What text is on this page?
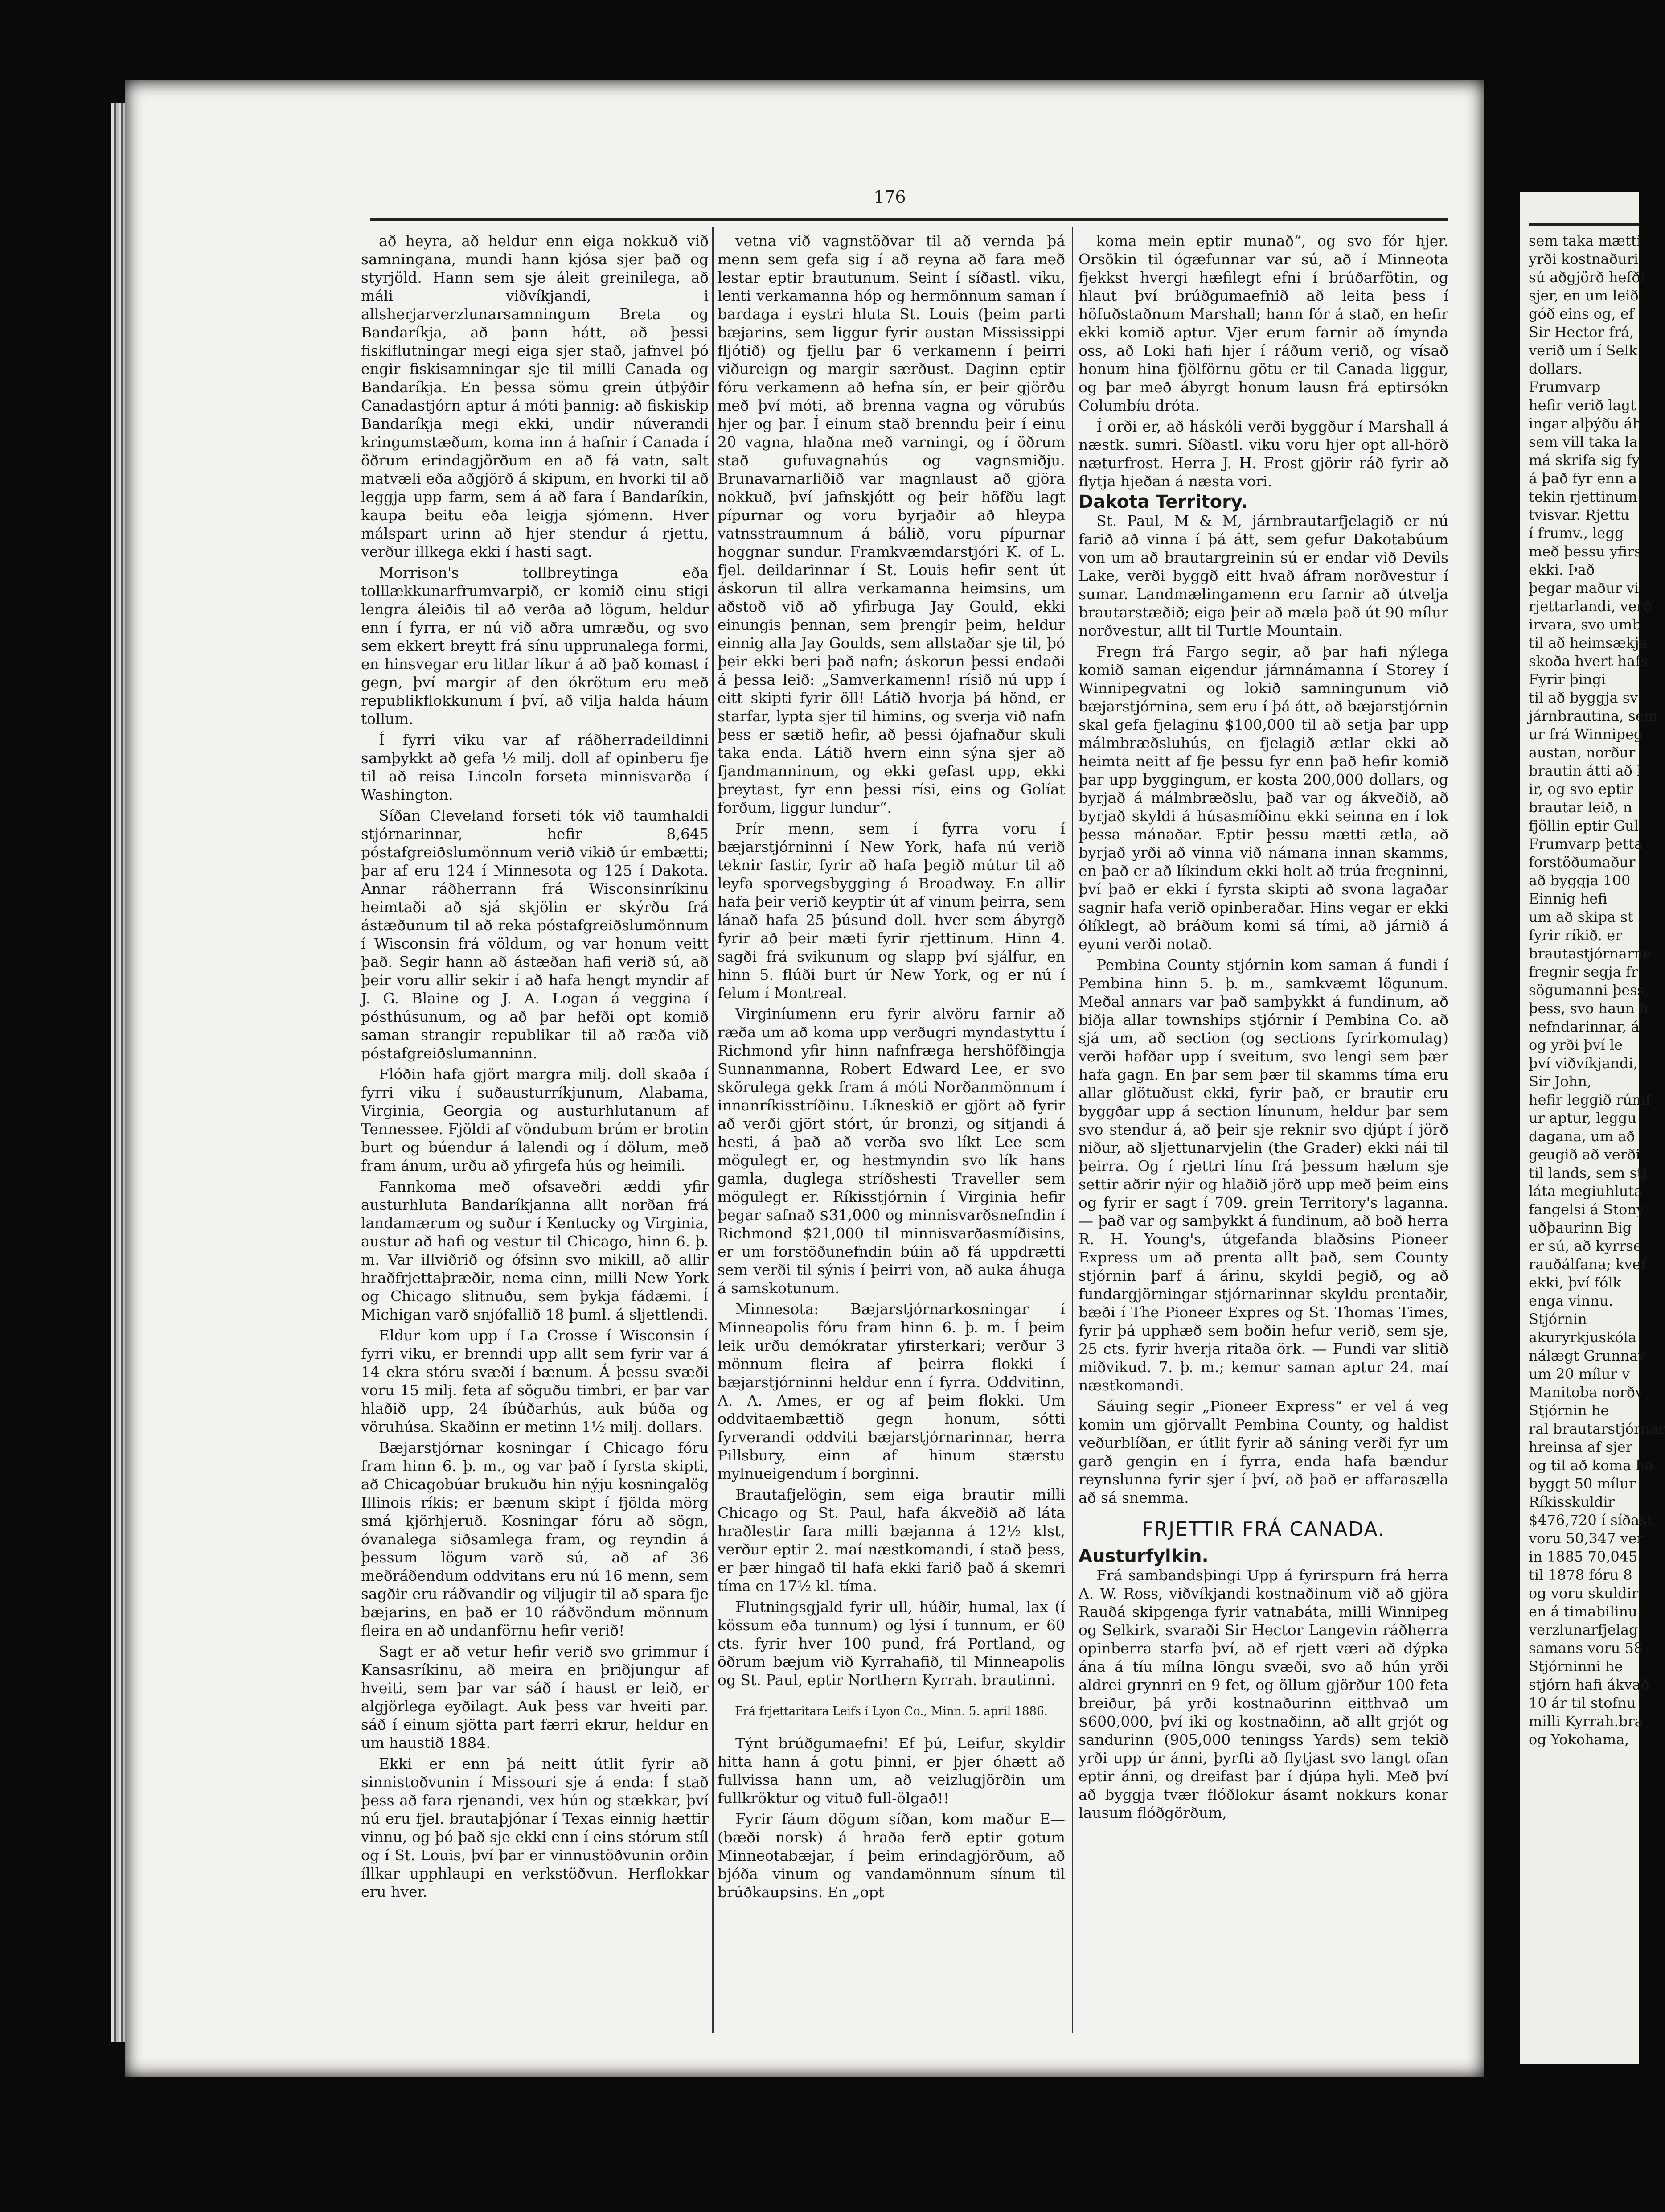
176

að heyra, að heldur enn eiga nokkuð við samningana, mundi hann kjósa sjer það og styrjöld. Hann sem sje áleit greinilega, að máli viðvíkjandi, i allsherjarverzlunarsamningum Breta og Bandaríkja, að þann hátt, að þessi fiskiflutningar megi eiga sjer stað, jafnvel þó engir fiskisamningar sje til milli Canada og Bandaríkja. En þessa sömu grein útþýðir Canadastjórn aptur á móti þannig: að fiskiskip Bandaríkja megi ekki, undir núverandi kringumstæðum, koma inn á hafnir í Canada í öðrum erindagjörðum en að fá vatn, salt matvæli eða aðgjörð á skipum, en hvorki til að leggja upp farm, sem á að fara í Bandaríkin, kaupa beitu eða leigja sjómenn. Hver málspart urinn að hjer stendur á rjettu, verður illkega ekki í hasti sagt.

Morrison's tollbreytinga eða tolllækkunarfrumvarpið, er komið einu stigi lengra áleiðis til að verða að lögum, heldur enn í fyrra, er nú við aðra umræðu, og svo sem ekkert breytt frá sínu upprunalega formi, en hinsvegar eru litlar líkur á að það komast í gegn, því margir af den ókrötum eru með republikflokkunum í því, að vilja halda háum tollum.

Í fyrri viku var af ráðherradeildinni samþykkt að gefa ½ milj. doll af opinberu fje til að reisa Lincoln forseta minnisvarða í Washington.

Síðan Cleveland forseti tók við taumhaldi stjórnarinnar, hefir 8,645 póstafgreiðslumönnum verið vikið úr embætti; þar af eru 124 í Minnesota og 125 í Dakota. Annar ráðherrann frá Wisconsinríkinu heimtaði að sjá skjölin er skýrðu frá ástæðunum til að reka póstafgreiðslumönnum í Wisconsin frá völdum, og var honum veitt það. Segir hann að ástæðan hafi verið sú, að þeir voru allir sekir í að hafa hengt myndir af J. G. Blaine og J. A. Logan á veggina í pósthúsunum, og að þar hefði opt komið saman strangir republikar til að ræða við póstafgreiðslumanninn.

Flóðin hafa gjört margra milj. doll skaða í fyrri viku í suðausturríkjunum, Alabama, Virginia, Georgia og austurhlutanum af Tennessee. Fjöldi af vöndubum brúm er brotin burt og búendur á lalendi og í dölum, með fram ánum, urðu að yfirgefa hús og heimili.

Fannkoma með ofsaveðri æddi yfir austurhluta Bandaríkjanna allt norðan frá landamærum og suður í Kentucky og Virginia, austur að hafi og vestur til Chicago, hinn 6. þ. m. Var illviðrið og ófsinn svo mikill, að allir hraðfrjettaþræðir, nema einn, milli New York og Chicago slitnuðu, sem þykja fádæmi. Í Michigan varð snjófallið 18 þuml. á sljettlendi.

Eldur kom upp í La Crosse í Wisconsin í fyrri viku, er brenndi upp allt sem fyrir var á 14 ekra stóru svæði í bænum. Á þessu svæði voru 15 milj. feta af söguðu timbri, er þar var hlaðið upp, 24 íbúðarhús, auk búða og vöruhúsa. Skaðinn er metinn 1½ milj. dollars.

Bæjarstjórnar kosningar í Chicago fóru fram hinn 6. þ. m., og var það í fyrsta skipti, að Chicagobúar brukuðu hin nýju kosningalög Illinois ríkis; er bænum skipt í fjölda mörg smá kjörhjeruð. Kosningar fóru að sögn, óvanalega siðsamlega fram, og reyndin á þessum lögum varð sú, að af 36 meðráðendum oddvitans eru nú 16 menn, sem sagðir eru ráðvandir og viljugir til að spara fje bæjarins, en það er 10 ráðvöndum mönnum fleira en að undanförnu hefir verið!

Sagt er að vetur hefir verið svo grimmur í Kansasríkinu, að meira en þriðjungur af hveiti, sem þar var sáð í haust er leið, er algjörlega eyðilagt. Auk þess var hveiti par. sáð í einum sjötta part færri ekrur, heldur en um haustið 1884.

Ekki er enn þá neitt útlit fyrir að sinnistoðvunin í Missouri sje á enda: Í stað þess að fara rjenandi, vex hún og stækkar, því nú eru fjel. brautaþjónar í Texas einnig hættir vinnu, og þó það sje ekki enn í eins stórum stíl og í St. Louis, því þar er vinnustöðvunin orðin íllkar upphlaupi en verkstöðvun. Herflokkar eru hver.

vetna við vagnstöðvar til að vernda þá menn sem gefa sig í að reyna að fara með lestar eptir brautunum. Seint í síðastl. viku, lenti verkamanna hóp og hermönnum saman í bardaga í eystri hluta St. Louis (þeim parti bæjarins, sem liggur fyrir austan Mississippi fljótið) og fjellu þar 6 verkamenn í þeirri viðureign og margir særðust. Daginn eptir fóru verkamenn að hefna sín, er þeir gjörðu með því móti, að brenna vagna og vörubús hjer og þar. Í einum stað brenndu þeir í einu 20 vagna, hlaðna með varningi, og í öðrum stað gufuvagnahús og vagnsmiðju. Brunavarnarliðið var magnlaust að gjöra nokkuð, því jafnskjótt og þeir höfðu lagt pípurnar og voru byrjaðir að hleypa vatnsstraumnum á bálið, voru pípurnar hoggnar sundur. Framkvæmdarstjóri K. of L. fjel. deildarinnar í St. Louis hefir sent út áskorun til allra verkamanna heimsins, um aðstoð við að yfirbuga Jay Gould, ekki einungis þennan, sem þrengir þeim, heldur einnig alla Jay Goulds, sem allstaðar sje til, þó þeir ekki beri það nafn; áskorun þessi endaði á þessa leið: „Samverkamenn! rísið nú upp í eitt skipti fyrir öll! Látið hvorja þá hönd, er starfar, lypta sjer til himins, og sverja við nafn þess er sætið hefir, að þessi ójafnaður skuli taka enda. Látið hvern einn sýna sjer að fjandmanninum, og ekki gefast upp, ekki þreytast, fyr enn þessi rísi, eins og Golíat forðum, liggur lundur“.

Þrír menn, sem í fyrra voru í bæjarstjórninni í New York, hafa nú verið teknir fastir, fyrir að hafa þegið mútur til að leyfa sporvegsbygging á Broadway. En allir hafa þeir verið keyptir út af vinum þeirra, sem lánað hafa 25 þúsund doll. hver sem ábyrgð fyrir að þeir mæti fyrir rjettinum. Hinn 4. sagði frá svikunum og slapp því sjálfur, en hinn 5. flúði burt úr New York, og er nú í felum í Montreal.

Virginíumenn eru fyrir alvöru farnir að ræða um að koma upp verðugri myndastyttu í Richmond yfir hinn nafnfræga hershöfðingja Sunnanmanna, Robert Edward Lee, er svo skörulega gekk fram á móti Norðanmönnum í innanríkisstríðinu. Líkneskið er gjört að fyrir að verði gjört stórt, úr bronzi, og sitjandi á hesti, á það að verða svo líkt Lee sem mögulegt er, og hestmyndin svo lík hans gamla, duglega stríðshesti Traveller sem mögulegt er. Ríkisstjórnin í Virginia hefir þegar safnað $31,000 og minnisvarðsnefndin í Richmond $21,000 til minnisvarðasmíðisins, er um forstöðunefndin búin að fá uppdrætti sem verði til sýnis í þeirri von, að auka áhuga á samskotunum.

Minnesota: Bæjarstjórnarkosningar í Minneapolis fóru fram hinn 6. þ. m. Í þeim leik urðu demókratar yfirsterkari; verður 3 mönnum fleira af þeirra flokki í bæjarstjórninni heldur enn í fyrra. Oddvitinn, A. A. Ames, er og af þeim flokki. Um oddvitaembættið gegn honum, sótti fyrverandi oddviti bæjarstjórnarinnar, herra Pillsbury, einn af hinum stærstu mylnueigendum í borginni.

Brautafjelögin, sem eiga brautir milli Chicago og St. Paul, hafa ákveðið að láta hraðlestir fara milli bæjanna á 12½ klst, verður eptir 2. maí næstkomandi, í stað þess, er þær hingað til hafa ekki farið það á skemri tíma en 17½ kl. tíma.

Flutningsgjald fyrir ull, húðir, humal, lax (í kössum eða tunnum) og lýsi í tunnum, er 60 cts. fyrir hver 100 pund, frá Portland, og öðrum bæjum við Kyrrahafið, til Minneapolis og St. Paul, eptir Northern Kyrrah. brautinni.

Frá frjettaritara Leifs í Lyon Co., Minn. 5. april 1886.

Týnt brúðgumaefni! Ef þú, Leifur, skyldir hitta hann á gotu þinni, er þjer óhætt að fullvissa hann um, að veizlugjörðin um fullkröktur og vituð full-ölgað!!

Fyrir fáum dögum síðan, kom maður E—(bæði norsk) á hraða ferð eptir gotum Minneotabæjar, í þeim erindagjörðum, að bjóða vinum og vandamönnum sínum til brúðkaupsins. En „opt

koma mein eptir munað“, og svo fór hjer. Orsökin til ógæfunnar var sú, að í Minneota fjekkst hvergi hæfilegt efni í brúðarfötin, og hlaut því brúðgumaefnið að leita þess í höfuðstaðnum Marshall; hann fór á stað, en hefir ekki komið aptur. Vjer erum farnir að ímynda oss, að Loki hafi hjer í ráðum verið, og vísað honum hina fjölförnu götu er til Canada liggur, og þar með ábyrgt honum lausn frá eptirsókn Columbíu dróta.

Í orði er, að háskóli verði byggður í Marshall á næstk. sumri. Síðastl. viku voru hjer opt all-hörð næturfrost. Herra J. H. Frost gjörir ráð fyrir að flytja hjeðan á næsta vori.

Dakota Territory.

St. Paul, M & M, járnbrautarfjelagið er nú farið að vinna í þá átt, sem gefur Dakotabúum von um að brautargreinin sú er endar við Devils Lake, verði byggð eitt hvað áfram norðvestur í sumar. Landmælingamenn eru farnir að útvelja brautarstæðið; eiga þeir að mæla það út 90 mílur norðvestur, allt til Turtle Mountain.

Fregn frá Fargo segir, að þar hafi nýlega komið saman eigendur járnnámanna í Storey í Winnipegvatni og lokið samningunum við bæjarstjórnina, sem eru í þá átt, að bæjarstjórnin skal gefa fjelaginu $100,000 til að setja þar upp málmbræðsluhús, en fjelagið ætlar ekki að heimta neitt af fje þessu fyr enn það hefir komið þar upp byggingum, er kosta 200,000 dollars, og byrjað á málmbræðslu, það var og ákveðið, að byrjað skyldi á húsasmíðinu ekki seinna en í lok þessa mánaðar. Eptir þessu mætti ætla, að byrjað yrði að vinna við námana innan skamms, en það er að líkindum ekki holt að trúa fregninni, því það er ekki í fyrsta skipti að svona lagaðar sagnir hafa verið opinberaðar. Hins vegar er ekki ólíklegt, að bráðum komi sá tími, að járnið á eyuni verði notað.

Pembina County stjórnin kom saman á fundi í Pembina hinn 5. þ. m., samkvæmt lögunum. Meðal annars var það samþykkt á fundinum, að biðja allar townships stjórnir í Pembina Co. að sjá um, að section (og sections fyrirkomulag) verði hafðar upp í sveitum, svo lengi sem þær hafa gagn. En þar sem þær til skamms tíma eru allar glötuðust ekki, fyrir það, er brautir eru byggðar upp á section línunum, heldur þar sem svo stendur á, að þeir sje reknir svo djúpt í jörð niður, að sljettunarvjelin (the Grader) ekki nái til þeirra. Og í rjettri línu frá þessum hælum sje settir aðrir nýir og hlaðið jörð upp með þeim eins og fyrir er sagt í 709. grein Territory's laganna. — það var og samþykkt á fundinum, að boð herra R. H. Young's, útgefanda blaðsins Pioneer Express um að prenta allt það, sem County stjórnin þarf á árinu, skyldi þegið, og að fundargjörningar stjórnarinnar skyldu prentaðir, bæði í The Pioneer Expres og St. Thomas Times, fyrir þá upphæð sem boðin hefur verið, sem sje, 25 cts. fyrir hverja ritaða örk. — Fundi var slitið miðvikud. 7. þ. m.; kemur saman aptur 24. maí næstkomandi.

Sáuing segir „Pioneer Express“ er vel á veg komin um gjörvallt Pembina County, og haldist veðurblíðan, er útlit fyrir að sáning verði fyr um garð gengin en í fyrra, enda hafa bændur reynslunna fyrir sjer í því, að það er affarasælla að sá snemma.

FRJETTIR FRÁ CANADA.
Austurfylkin.

Frá sambandsþingi Upp á fyrirspurn frá herra A. W. Ross, viðvíkjandi kostnaðinum við að gjöra Rauðá skipgenga fyrir vatnabáta, milli Winnipeg og Selkirk, svaraði Sir Hector Langevin ráðherra opinberra starfa því, að ef rjett væri að dýpka ána á tíu mílna löngu svæði, svo að hún yrði aldrei grynnri en 9 fet, og öllum gjörður 100 feta breiður, þá yrði kostnaðurinn eitthvað um $600,000, því iki og kostnaðinn, að allt grjót og sandurinn (905,000 teningss Yards) sem tekið yrði upp úr ánni, þyrfti að flytjast svo langt ofan eptir ánni, og dreifast þar í djúpa hyli. Með því að byggja tvær flóðlokur ásamt nokkurs konar lausum flóðgörðum,

sem taka mætti
yrði kostnaðuri
sú aðgjörð hefði
sjer, en um leið
góð eins og, ef
Sir Hector frá,
verið um í Selk
dollars.
Frumvarp
hefir verið lagt
ingar alþýðu áh
sem vill taka la
má skrifa sig fy
á það fyr enn a
tekin rjettinum
tvisvar. Rjettu
í frumv., legg
með þessu yfirs
ekki. Það
þegar maður vi
rjettarlandi, verð
irvara, svo umb
til að heimsækja
skoða hvert hafs
Fyrir þingi
til að byggja sv
járnbrautina, sem
ur frá Winnipeg
austan, norður
brautin átti að l
ir, og svo eptir
brautar leið, n
fjöllin eptir Gul
Frumvarp þetta
forstöðumaður
að byggja 100
Einnig hefi
um að skipa st
fyrir ríkið. er
brautastjórnarne
fregnir segja fr
sögumanni þess,
þess, svo haun h
nefndarinnar, á
og yrði því le
því viðvíkjandi,
Sir John,
hefir leggið rúmf
ur aptur, leggu
dagana, um að
geugið að verði
til lands, sem stj
láta megiuhluta
fangelsi á Stony
uðþaurinn Big
er sú, að kyrrse
rauðálfana; kvef
ekki, því fólk
enga vinnu.
Stjórnin
akuryrkjuskóla
nálægt Grunnav
um 20 mílur v
Manitoba norðv
Stjórnin he
ral brautarstjórnar
hreinsa af sjer
og til að koma ha
byggt 50 mílur
Ríkisskuldir
$476,720 í síðast
voru 50,347 ver
in 1885 70,045
til 1878 fóru 8
og voru skuldir
en á timabilinu
verzlunarfjelag
samans voru 58
Stjórninni he
stjórn hafi ákvað
10 ár til stofnu
milli Kyrrah.bra
og Yokohama,
